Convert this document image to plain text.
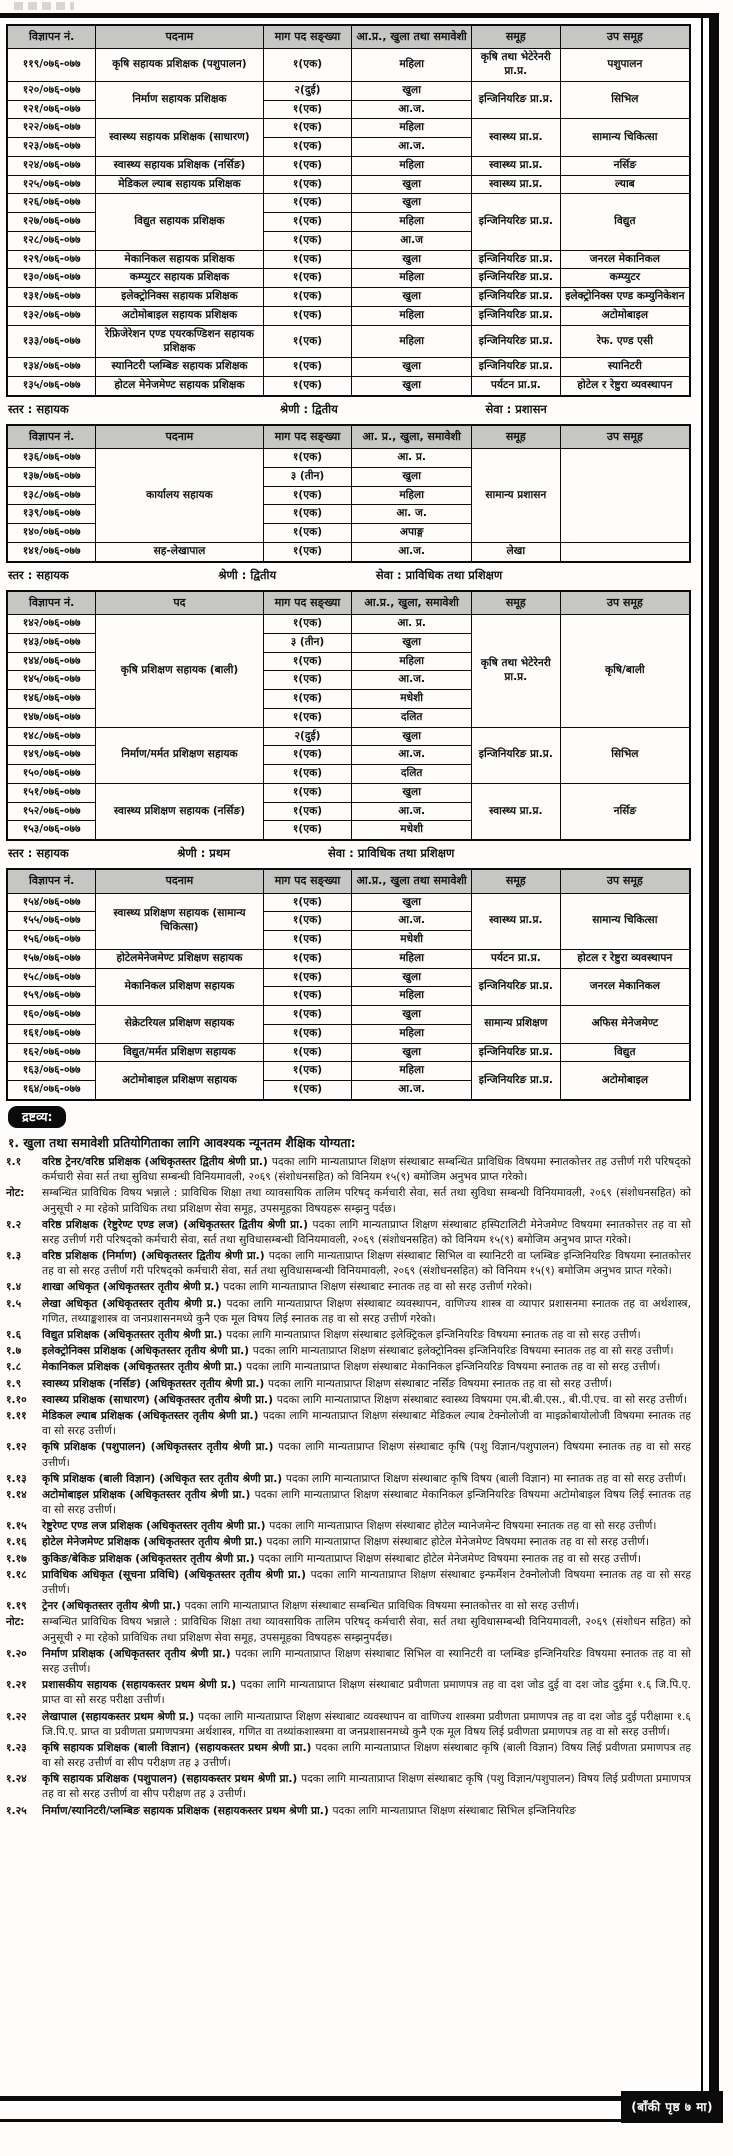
विज्ञापन नं.	पदनाम	माग पद सङ्ख्या	आ.प्र., खुला तथा समावेशी	समूह	उप समूह
११९/०७६-०७७	कृषि सहायक प्रशिक्षक (पशुपालन)	१(एक)	महिला	कृषि तथा भेटेरेनरी प्रा.प्र.	पशुपालन
१२०/०७६-०७७	निर्माण सहायक प्रशिक्षक	२(दुई)	खुला	इन्जिनियरिङ प्रा.प्र.	सिभिल
१२१/०७६-०७७		१(एक)	आ.ज.		
१२२/०७६-०७७	स्वास्थ्य सहायक प्रशिक्षक (साधारण)	१(एक)	महिला	स्वास्थ्य प्रा.प्र.	सामान्य चिकित्सा
१२३/०७६-०७७		१(एक)	आ.ज.		
१२४/०७६-०७७	स्वास्थ्य सहायक प्रशिक्षक (नर्सिङ)	१(एक)	महिला	स्वास्थ्य प्रा.प्र.	नर्सिङ
१२५/०७६-०७७	मेडिकल ल्याब सहायक प्रशिक्षक	१(एक)	खुला	स्वास्थ्य प्रा.प्र.	ल्याब
१२६/०७६-०७७	विद्युत सहायक प्रशिक्षक	१(एक)	खुला	इन्जिनियरिङ प्रा.प्र.	विद्युत
१२७/०७६-०७७		१(एक)	महिला		
१२८/०७६-०७७		१(एक)	आ.ज		
१२९/०७६-०७७	मेकानिकल सहायक प्रशिक्षक	१(एक)	खुला	इन्जिनियरिङ प्रा.प्र.	जनरल मेकानिकल
१३०/०७६-०७७	कम्प्युटर सहायक प्रशिक्षक	१(एक)	महिला	इन्जिनियरिङ प्रा.प्र.	कम्प्युटर
१३१/०७६-०७७	इलेक्ट्रोनिक्स सहायक प्रशिक्षक	१(एक)	खुला	इन्जिनियरिङ प्रा.प्र.	इलेक्ट्रोनिक्स एण्ड कम्युनिकेशन
१३२/०७६-०७७	अटोमोबाइल सहायक प्रशिक्षक	१(एक)	महिला	इन्जिनियरिङ प्रा.प्र.	अटोमोबाइल
१३३/०७६-०७७	रेफ्रिजेरेशन एण्ड एयरकण्डिशन सहायक प्रशिक्षक	१(एक)	महिला	इन्जिनियरिङ प्रा.प्र.	रेफ. एण्ड एसी
१३४/०७६-०७७	स्यानिटरी प्लम्बिङ सहायक प्रशिक्षक	१(एक)	खुला	इन्जिनियरिङ प्रा.प्र.	स्यानिटरी
१३५/०७६-०७७	होटल मेनेजमेण्ट सहायक प्रशिक्षक	१(एक)	खुला	पर्यटन प्रा.प्र.	होटेल र रेष्टुरा व्यवस्थापन
स्तर : सहायक	श्रेणी : द्वितीय	सेवा : प्रशासन
विज्ञापन नं.	पदनाम	माग पद सङ्ख्या	आ. प्र., खुला, समावेशी	समूह	उप समूह
१३६/०७६-०७७	कार्यालय सहायक	१(एक)	आ. प्र.	सामान्य प्रशासन	
१३७/०७६-०७७		३ (तीन)	खुला		
१३८/०७६-०७७		१(एक)	महिला		
१३९/०७६-०७७		१(एक)	आ. ज.		
१४०/०७६-०७७		१(एक)	अपाङ्ग		
१४१/०७६-०७७	सह-लेखापाल	१(एक)	आ.ज.	लेखा	
स्तर : सहायक	श्रेणी : द्वितीय	सेवा : प्राविधिक तथा प्रशिक्षण
विज्ञापन नं.	पद	माग पद सङ्ख्या	आ.प्र., खुला, समावेशी	समूह	उप समूह
१४२/०७६-०७७	कृषि प्रशिक्षण सहायक (बाली)	१(एक)	आ. प्र.	कृषि तथा भेटेरेनरी प्रा.प्र.	कृषि/बाली
१४३/०७६-०७७		३ (तीन)	खुला		
१४४/०७६-०७७		१(एक)	महिला		
१४५/०७६-०७७		१(एक)	आ.ज.		
१४६/०७६-०७७		१(एक)	मधेशी		
१४७/०७६-०७७		१(एक)	दलित		
१४८/०७६-०७७	निर्माण/मर्मत प्रशिक्षण सहायक	२(दुई)	खुला	इन्जिनियरिङ प्रा.प्र.	सिभिल
१४९/०७६-०७७		१(एक)	आ.ज.		
१५०/०७६-०७७		१(एक)	दलित		
१५१/०७६-०७७	स्वास्थ्य प्रशिक्षण सहायक (नर्सिङ)	१(एक)	खुला	स्वास्थ्य प्रा.प्र.	नर्सिङ
१५२/०७६-०७७		१(एक)	आ.ज.		
१५३/०७६-०७७		१(एक)	मधेशी		
स्तर : सहायक	श्रेणी : प्रथम	सेवा : प्राविधिक तथा प्रशिक्षण
विज्ञापन नं.	पदनाम	माग पद सङ्ख्या	आ.प्र., खुला तथा समावेशी	समूह	उप समूह
१५४/०७६-०७७	स्वास्थ्य प्रशिक्षण सहायक (सामान्य चिकित्सा)	१(एक)	खुला	स्वास्थ्य प्रा.प्र.	सामान्य चिकित्सा
१५५/०७६-०७७		१(एक)	आ.ज.		
१५६/०७६-०७७		१(एक)	मधेशी		
१५७/०७६-०७७	होटेलमेनेजमेण्ट प्रशिक्षण सहायक	१(एक)	महिला	पर्यटन प्रा.प्र.	होटल र रेष्टुरा व्यवस्थापन
१५८/०७६-०७७	मेकानिकल प्रशिक्षण सहायक	१(एक)	खुला	इन्जिनियरिङ प्रा.प्र.	जनरल मेकानिकल
१५९/०७६-०७७		१(एक)	महिला		
१६०/०७६-०७७	सेक्रेटरियल प्रशिक्षण सहायक	१(एक)	खुला	सामान्य प्रशिक्षण	अफिस मेनेजमेण्ट
१६१/०७६-०७७		१(एक)	महिला		
१६२/०७६-०७७	विद्युत/मर्मत प्रशिक्षण सहायक	१(एक)	खुला	इन्जिनियरिङ प्रा.प्र.	विद्युत
१६३/०७६-०७७	अटोमोबाइल प्रशिक्षण सहायक	१(एक)	महिला	इन्जिनियरिङ प्रा.प्र.	अटोमोबाइल
१६४/०७६-०७७		१(एक)	आ.ज.		
द्रष्टव्य:
१. खुला तथा समावेशी प्रतियोगिताका लागि आवश्यक न्यूनतम शैक्षिक योग्यता:
१.१	वरिष्ठ ट्रेनर/वरिष्ठ प्रशिक्षक (अधिकृतस्तर द्वितीय श्रेणी प्रा.) पदका लागि मान्यताप्राप्त शिक्षण संस्थाबाट सम्बन्धित प्राविधिक विषयमा स्नातकोत्तर तह उत्तीर्ण गरी परिषद्को कर्मचारी सेवा सर्त तथा सुविधा सम्बन्धी विनियमावली, २०६९ (संशोधनसहित) को विनियम १५(९) बमोजिम अनुभव प्राप्त गरेको।
नोट:	सम्बन्धित प्राविधिक विषय भन्नाले : प्राविधिक शिक्षा तथा व्यावसायिक तालिम परिषद् कर्मचारी सेवा, सर्त तथा सुविधा सम्बन्धी विनियमावली, २०६९ (संशोधनसहित) को अनुसूची २ मा रहेको प्राविधिक तथा प्रशिक्षण सेवा समूह, उपसमूहका विषयहरू सम्झनु पर्दछ।
१.२	वरिष्ठ प्रशिक्षक (रेष्टुरेण्ट एण्ड लज) (अधिकृतस्तर द्वितीय श्रेणी प्रा.) पदका लागि मान्यताप्राप्त शिक्षण संस्थाबाट हस्पिटालिटी मेनेजमेण्ट विषयमा स्नातकोत्तर तह वा सो सरह उत्तीर्ण गरी परिषद्को कर्मचारी सेवा, सर्त तथा सुविधासम्बन्धी विनियमावली, २०६९ (संशोधनसहित) को विनियम १५(९) बमोजिम अनुभव प्राप्त गरेको।
१.३	वरिष्ठ प्रशिक्षक (निर्माण) (अधिकृतस्तर द्वितीय श्रेणी प्रा.) पदका लागि मान्यताप्राप्त शिक्षण संस्थाबाट सिभिल वा स्यानिटरी वा प्लम्बिङ इन्जिनियरिङ विषयमा स्नातकोत्तर तह वा सो सरह उत्तीर्ण गरी परिषद्को कर्मचारी सेवा, सर्त तथा सुविधासम्बन्धी विनियमावली, २०६९ (संशोधनसहित) को विनियम १५(९) बमोजिम अनुभव प्राप्त गरेको।
१.४	शाखा अधिकृत (अधिकृतस्तर तृतीय श्रेणी प्र.) पदका लागि मान्यताप्राप्त शिक्षण संस्थाबाट स्नातक तह वा सो सरह उत्तीर्ण गरेको।
१.५	लेखा अधिकृत (अधिकृतस्तर तृतीय श्रेणी प्र.) पदका लागि मान्यताप्राप्त शिक्षण संस्थाबाट व्यवस्थापन, वाणिज्य शास्त्र वा व्यापार प्रशासनमा स्नातक तह वा अर्थशास्त्र, गणित, तथ्याङ्कशास्त्र वा जनप्रशासनमध्ये कुनै एक मूल विषय लिई स्नातक तह वा सो सरह उत्तीर्ण गरेको।
१.६	विद्युत प्रशिक्षक (अधिकृतस्तर तृतीय श्रेणी प्रा.) पदका लागि मान्यताप्राप्त शिक्षण संस्थाबाट इलेक्ट्रिकल इन्जिनियरिङ विषयमा स्नातक तह वा सो सरह उत्तीर्ण।
१.७	इलेक्ट्रोनिक्स प्रशिक्षक (अधिकृतस्तर तृतीय श्रेणी प्रा.) पदका लागि मान्यताप्राप्त शिक्षण संस्थाबाट इलेक्ट्रोनिक्स इन्जिनियरिङ विषयमा स्नातक तह वा सो सरह उत्तीर्ण।
१.८	मेकानिकल प्रशिक्षक (अधिकृतस्तर तृतीय श्रेणी प्रा.) पदका लागि मान्यताप्राप्त शिक्षण संस्थाबाट मेकानिकल इन्जिनियरिङ विषयमा स्नातक तह वा सो सरह उत्तीर्ण।
१.९	स्वास्थ्य प्रशिक्षक (नर्सिङ) (अधिकृतस्तर तृतीय श्रेणी प्रा.) पदका लागि मान्यताप्राप्त शिक्षण संस्थाबाट नर्सिङ विषयमा स्नातक तह वा सो सरह उत्तीर्ण।
१.१०	स्वास्थ्य प्रशिक्षक (साधारण) (अधिकृतस्तर तृतीय श्रेणी प्रा.) पदका लागि मान्यताप्राप्त शिक्षण संस्थाबाट स्वास्थ्य विषयमा एम.बी.बी.एस., बी.पी.एच. वा सो सरह उत्तीर्ण।
१.११	मेडिकल ल्याब प्रशिक्षक (अधिकृतस्तर तृतीय श्रेणी प्रा.) पदका लागि मान्यताप्राप्त शिक्षण संस्थाबाट मेडिकल ल्याब टेक्नोलोजी वा माइक्रोबायोलोजी विषयमा स्नातक तह वा सो सरह उत्तीर्ण।
१.१२	कृषि प्रशिक्षक (पशुपालन) (अधिकृतस्तर तृतीय श्रेणी प्रा.) पदका लागि मान्यताप्राप्त शिक्षण संस्थाबाट कृषि (पशु विज्ञान/पशुपालन) विषयमा स्नातक तह वा सो सरह उत्तीर्ण।
१.१३	कृषि प्रशिक्षक (बाली विज्ञान) (अधिकृत स्तर तृतीय श्रेणी प्रा.) पदका लागि मान्यताप्राप्त शिक्षण संस्थाबाट कृषि विषय (बाली विज्ञान) मा स्नातक तह वा सो सरह उत्तीर्ण।
१.१४	अटोमोबाइल प्रशिक्षक (अधिकृतस्तर तृतीय श्रेणी प्रा.) पदका लागि मान्यताप्राप्त शिक्षण संस्थाबाट मेकानिकल इन्जिनियरिङ विषयमा अटोमोबाइल विषय लिई स्नातक तह वा सो सरह उत्तीर्ण।
१.१५	रेष्टुरेण्ट एण्ड लज प्रशिक्षक (अधिकृतस्तर तृतीय श्रेणी प्रा.) पदका लागि मान्यताप्राप्त शिक्षण संस्थाबाट होटेल म्यानेजमेन्ट विषयमा स्नातक तह वा सो सरह उत्तीर्ण।
१.१६	होटेल मेनेजमेण्ट प्रशिक्षक (अधिकृतस्तर तृतीय श्रेणी प्रा.) पदका लागि मान्यताप्राप्त शिक्षण संस्थाबाट होटेल मेनेजमेण्ट विषयमा स्नातक तह वा सो सरह उत्तीर्ण।
१.१७	कुकिङ/बेकिङ प्रशिक्षक (अधिकृतस्तर तृतीय श्रेणी प्रा.) पदका लागि मान्यताप्राप्त शिक्षण संस्थाबाट होटेल मेनेजमेण्ट विषयमा स्नातक तह वा सो सरह उत्तीर्ण।
१.१८	प्राविधिक अधिकृत (सूचना प्रविधि) (अधिकृतस्तर तृतीय श्रेणी प्रा.) पदका लागि मान्यताप्राप्त शिक्षण संस्थाबाट इन्फर्मेशन टेक्नोलोजी विषयमा स्नातक तह वा सो सरह उत्तीर्ण।
१.१९	ट्रेनर (अधिकृतस्तर तृतीय श्रेणी प्रा.) पदका लागि मान्यताप्राप्त शिक्षण संस्थाबाट सम्बन्धित प्राविधिक विषयमा स्नातकोत्तर वा सो सरह उत्तीर्ण।
नोट:	सम्बन्धित प्राविधिक विषय भन्नाले : प्राविधिक शिक्षा तथा व्यावसायिक तालिम परिषद् कर्मचारी सेवा, सर्त तथा सुविधासम्बन्धी विनियमावली, २०६९ (संशोधन सहित) को अनुसूची २ मा रहेको प्राविधिक तथा प्रशिक्षण सेवा समूह, उपसमूहका विषयहरू सम्झनुपर्दछ।
१.२०	निर्माण प्रशिक्षक (अधिकृतस्तर तृतीय श्रेणी प्रा.) पदका लागि मान्यताप्राप्त शिक्षण संस्थाबाट सिभिल वा स्यानिटरी वा प्लम्बिङ इन्जिनियरिङ विषयमा स्नातक तह वा सो सरह उत्तीर्ण।
१.२१	प्रशासकीय सहायक (सहायकस्तर प्रथम श्रेणी प्र.) पदका लागि मान्यताप्राप्त शिक्षण संस्थाबाट प्रवीणता प्रमाणपत्र तह वा दश जोड दुई वा दश जोड दुईमा १.६ जि.पि.ए. प्राप्त वा सो सरह परीक्षा उत्तीर्ण।
१.२२	लेखापाल (सहायकस्तर प्रथम श्रेणी प्र.) पदका लागि मान्यताप्राप्त शिक्षण संस्थाबाट व्यवस्थापन वा वाणिज्य शास्त्रमा प्रवीणता प्रमाणपत्र तह वा दश जोड दुई परीक्षामा १.६ जि.पि.ए. प्राप्त वा प्रवीणता प्रमाणपत्रमा अर्थशास्त्र, गणित वा तथ्यांकशास्त्रमा वा जनप्रशासनमध्ये कुनै एक मूल विषय लिई प्रवीणता प्रमाणपत्र तह वा सो सरह उत्तीर्ण।
१.२३	कृषि सहायक प्रशिक्षक (बाली विज्ञान) (सहायकस्तर प्रथम श्रेणी प्रा.) पदका लागि मान्यताप्राप्त शिक्षण संस्थाबाट कृषि (बाली विज्ञान) विषय लिई प्रवीणता प्रमाणपत्र तह वा सो सरह उत्तीर्ण वा सीप परीक्षण तह ३ उत्तीर्ण।
१.२४	कृषि सहायक प्रशिक्षक (पशुपालन) (सहायकस्तर प्रथम श्रेणी प्रा.) पदका लागि मान्यताप्राप्त शिक्षण संस्थाबाट कृषि (पशु विज्ञान/पशुपालन) विषय लिई प्रवीणता प्रमाणपत्र तह वा सो सरह उत्तीर्ण वा सीप परीक्षण तह ३ उत्तीर्ण।
१.२५	निर्माण/स्यानिटरी/प्लम्बिङ सहायक प्रशिक्षक (सहायकस्तर प्रथम श्रेणी प्रा.) पदका लागि मान्यताप्राप्त शिक्षण संस्थाबाट सिभिल इन्जिनियरिङ
(बाँकी पृष्ठ ७ मा)
